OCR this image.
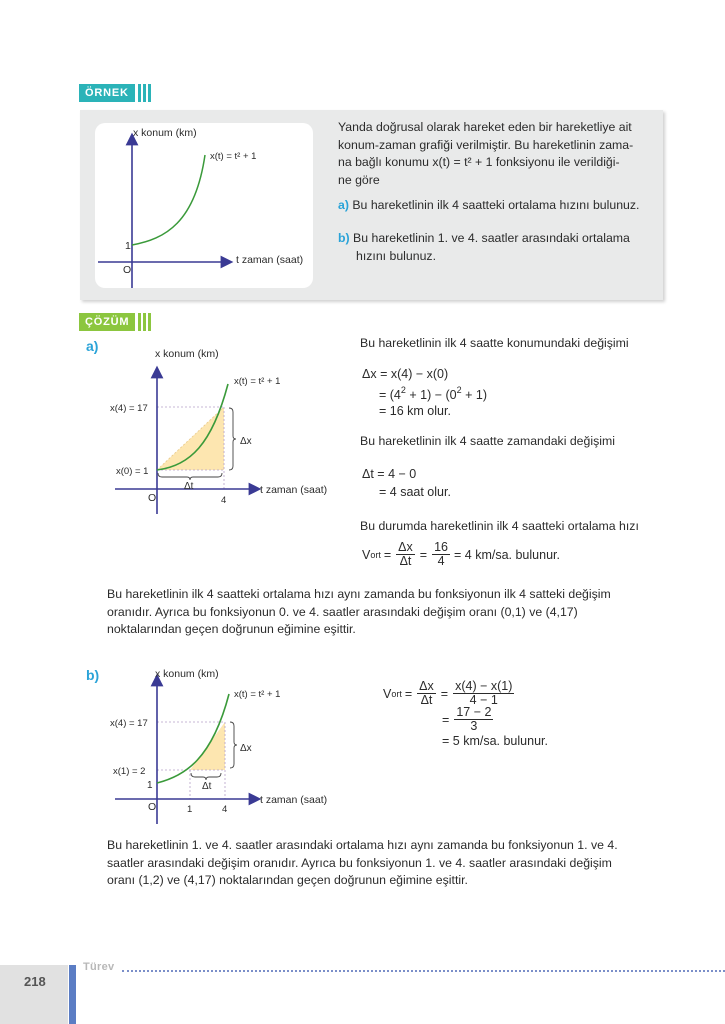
ÖRNEK
x konum (km)
t zaman (saat)
x(t) = t² + 1
1
O
Yanda doğrusal olarak hareket eden bir hareketliye ait
konum-zaman grafiği verilmiştir. Bu hareketlinin zama-
na bağlı konumu x(t) = t² + 1 fonksiyonu ile verildiği-
ne göre
a) Bu hareketlinin ilk 4 saatteki ortalama hızını bulunuz.
b) Bu hareketlinin 1. ve 4. saatler arasındaki ortalama
hızını bulunuz.
ÇÖZÜM
a)	x konum (km)
t zaman (saat)
x(t) = t² + 1
x(4) = 17
x(0) = 1
Δx
Δt
O	4
Bu hareketlinin ilk 4 saatte konumundaki değişimi
Δx = x(4) − x(0)
= $(4^2 + 1) - (0^2 + 1)$
= 16 km olur.
Bu hareketlinin ilk 4 saatte zamandaki değişimi
Δt = 4 − 0
= 4 saat olur.
Bu durumda hareketlinin ilk 4 saatteki ortalama hızı
V ort = $\frac{\Delta x}{\Delta t} = \frac{16}{4} = 4$ km/sa. bulunur.
Bu hareketlinin ilk 4 saatteki ortalama hızı aynı zamanda bu fonksiyonun ilk 4 satteki değişim
oranıdır. Ayrıca bu fonksiyonun 0. ve 4. saatler arasındaki değişim oranı (0,1) ve (4,17)
noktalarından geçen doğrunun eğimine eşittir.
b)	x konum (km)
t zaman (saat)
x(t) = t² + 1
x(4) = 17
x(1) = 2
1
Δx
Δt
O	1	4
V ort = $\frac{\Delta x}{\Delta t} = \frac{x(4) - x(1)}{4 - 1}$
= $\frac{17 - 2}{3}$
= 5 km/sa. bulunur.
Bu hareketlinin 1. ve 4. saatler arasındaki ortalama hızı aynı zamanda bu fonksiyonun 1. ve 4.
saatler arasındaki değişim oranıdır. Ayrıca bu fonksiyonun 1. ve 4. saatler arasındaki değişim
oranı (1,2) ve (4,17) noktalarından geçen doğrunun eğimine eşittir.
218
Türev
